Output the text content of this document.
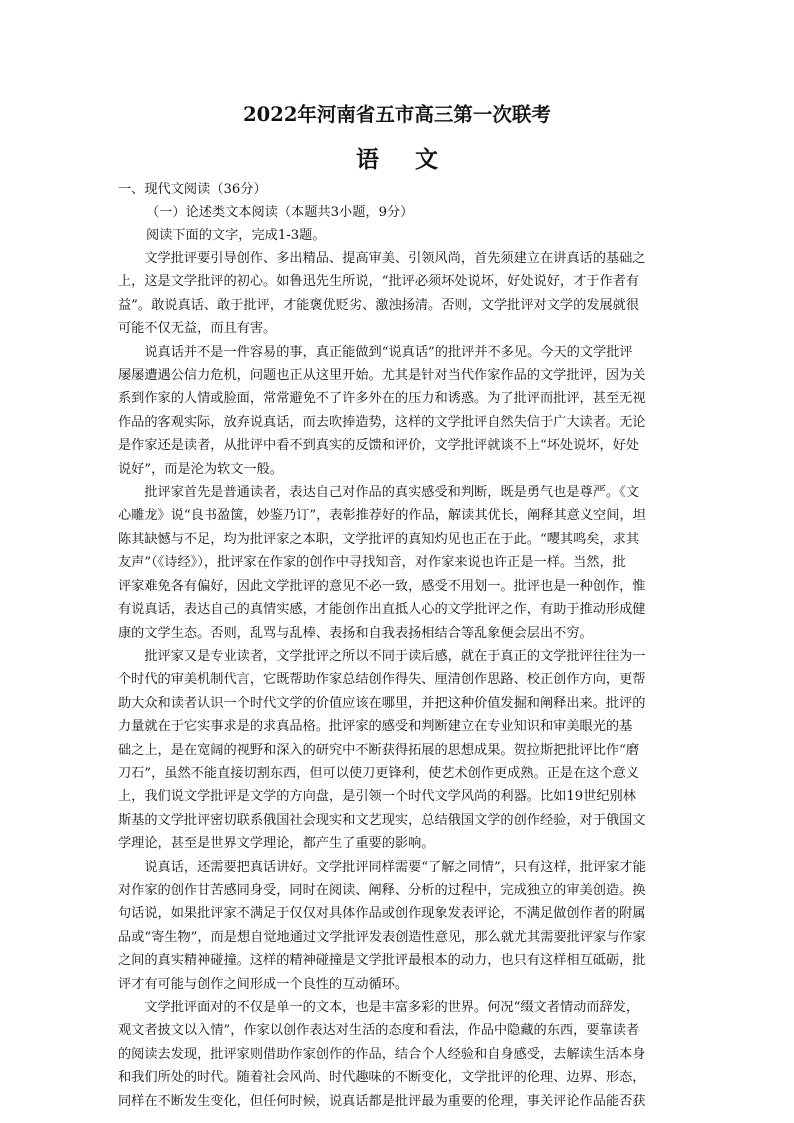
2022年河南省五市高三第一次联考
语文
一、现代文阅读（36分）
（一）论述类文本阅读（本题共3小题，9分）
阅读下面的文字，完成1-3题。
　　文学批评要引导创作、多出精品、提高审美、引领风尚，首先须建立在讲真话的基础之
上，这是文学批评的初心。如鲁迅先生所说，“批评必须坏处说坏，好处说好，才于作者有
益”。敢说真话、敢于批评，才能褒优贬劣、激浊扬清。否则，文学批评对文学的发展就很
可能不仅无益，而且有害。
　　说真话并不是一件容易的事，真正能做到“说真话”的批评并不多见。今天的文学批评
屡屡遭遇公信力危机，问题也正从这里开始。尤其是针对当代作家作品的文学批评，因为关
系到作家的人情或脸面，常常避免不了许多外在的压力和诱惑。为了批评而批评，甚至无视
作品的客观实际，放弃说真话，而去吹捧造势，这样的文学批评自然失信于广大读者。无论
是作家还是读者，从批评中看不到真实的反馈和评价，文学批评就谈不上“坏处说坏，好处
说好”，而是沦为软文一般。
　　批评家首先是普通读者，表达自己对作品的真实感受和判断，既是勇气也是尊严。《文
心雕龙》说“良书盈箧，妙鉴乃订”，表彰推荐好的作品，解读其优长，阐释其意义空间，坦
陈其缺憾与不足，均为批评家之本职，文学批评的真知灼见也正在于此。“嘤其鸣矣，求其
友声”（《诗经》），批评家在作家的创作中寻找知音，对作家来说也许正是一样。当然，批
评家难免各有偏好，因此文学批评的意见不必一致，感受不用划一。批评也是一种创作，惟
有说真话，表达自己的真情实感，才能创作出直抵人心的文学批评之作，有助于推动形成健
康的文学生态。否则，乱骂与乱棒、表扬和自我表扬相结合等乱象便会层出不穷。
　　批评家又是专业读者，文学批评之所以不同于读后感，就在于真正的文学批评往往为一
个时代的审美机制代言，它既帮助作家总结创作得失、厘清创作思路、校正创作方向，更帮
助大众和读者认识一个时代文学的价值应该在哪里，并把这种价值发掘和阐释出来。批评的
力量就在于它实事求是的求真品格。批评家的感受和判断建立在专业知识和审美眼光的基
础之上，是在宽阔的视野和深入的研究中不断获得拓展的思想成果。贺拉斯把批评比作“磨
刀石”，虽然不能直接切割东西，但可以使刀更锋利，使艺术创作更成熟。正是在这个意义
上，我们说文学批评是文学的方向盘，是引领一个时代文学风尚的利器。比如19世纪别林
斯基的文学批评密切联系俄国社会现实和文艺现实，总结俄国文学的创作经验，对于俄国文
学理论，甚至是世界文学理论，都产生了重要的影响。
　　说真话，还需要把真话讲好。文学批评同样需要“了解之同情”，只有这样，批评家才能
对作家的创作甘苦感同身受，同时在阅读、阐释、分析的过程中，完成独立的审美创造。换
句话说，如果批评家不满足于仅仅对具体作品或创作现象发表评论，不满足做创作者的附属
品或“寄生物”，而是想自觉地通过文学批评发表创造性意见，那么就尤其需要批评家与作家
之间的真实精神碰撞。这样的精神碰撞是文学批评最根本的动力，也只有这样相互砥砺，批
评才有可能与创作之间形成一个良性的互动循环。
　　文学批评面对的不仅是单一的文本，也是丰富多彩的世界。何况“缀文者情动而辞发，
观文者披文以入情”，作家以创作表达对生活的态度和看法，作品中隐藏的东西，要靠读者
的阅读去发现，批评家则借助作家创作的作品，结合个人经验和自身感受，去解读生活本身
和我们所处的时代。随着社会风尚、时代趣味的不断变化，文学批评的伦理、边界、形态，
同样在不断发生变化，但任何时候，说真话都是批评最为重要的伦理，事关评论作品能否获
